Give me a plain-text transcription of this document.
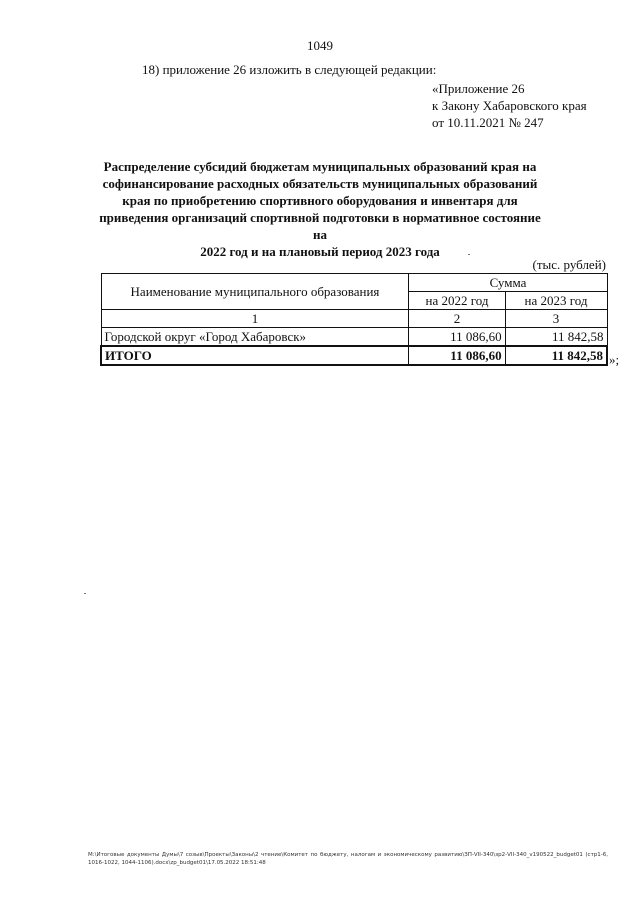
1049
18) приложение 26 изложить в следующей редакции:
«Приложение 26
к Закону Хабаровского края
от 10.11.2021 № 247
Распределение субсидий бюджетам муниципальных образований края на
софинансирование расходных обязательств муниципальных образований
края по приобретению спортивного оборудования и инвентаря для
приведения организаций спортивной подготовки в нормативное состояние на
2022 год и на плановый период 2023 года
(тыс. рублей)
Наименование муниципального образования	Сумма	
	на 2022 год	на 2023 год
1	2	3
Городской округ «Город Хабаровск»	11 086,60	11 842,58
ИТОГО	11 086,60	11 842,58 »;
M:\Итоговые документы Думы\7 созыв\Проекты\Законы\2 чтение\Комитет по бюджету, налогам и экономическому развитию\ЗП-VII-340\зр2-VII-340_v190522_budget01 (стр1-6, 1016-1022, 1044-1106).docx\zp_budget01\17.05.2022 18:51:48
